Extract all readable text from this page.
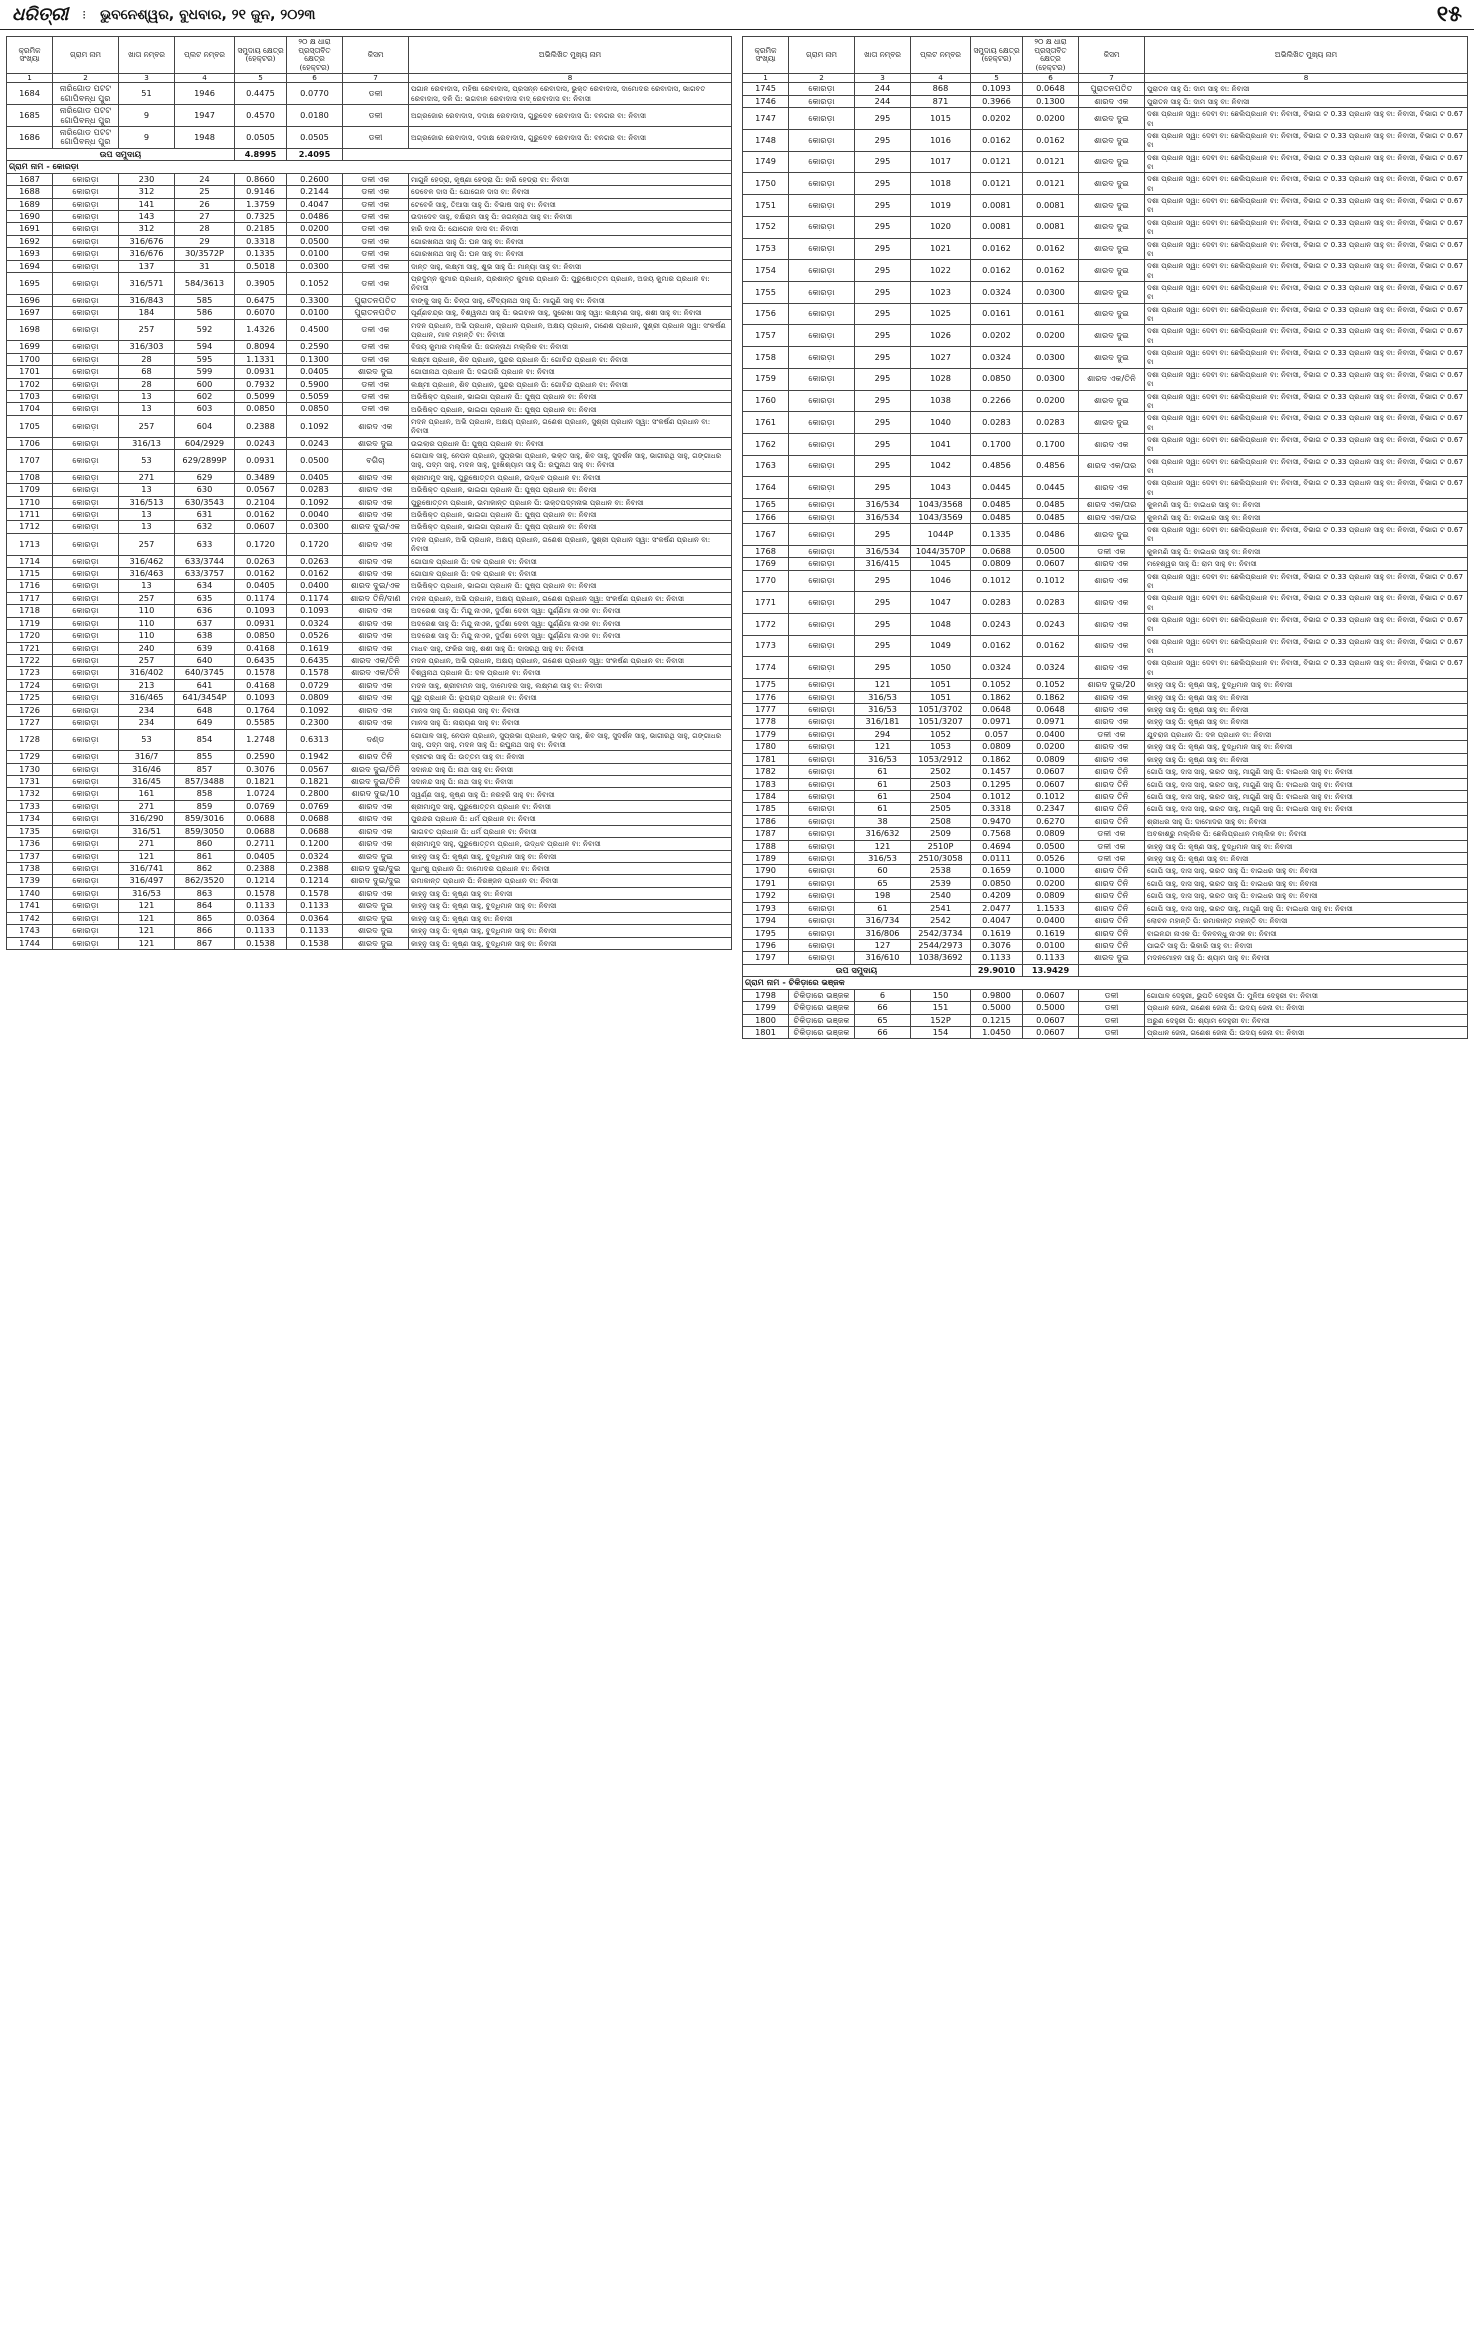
ଧରିତ୍ରୀ ⁝ ଭୁବନେଶ୍ୱର, ବୁଧବାର, ୨୧ ଜୁନ, ୨୦୨୩	୧୫
କ୍ରମିକ ସଂଖ୍ୟା	ଗ୍ରାମ ନାମ	ଖାତା ନମ୍ବର	ପ୍ଲଟ ନମ୍ବର	ସମୁଦାୟ କ୍ଷେତ୍ର (ହେକ୍ଟର)	୨୦ କ୍ଷ ଧାରା ପ୍ରସ୍ତାବିତ କ୍ଷେତ୍ର (ହେକ୍ଟର)	କିସମ	ଅଭିଲିଖିତ ମୁଖ୍ୟ ନାମ
1	2	3	4	5	6	7	8
1684	ନାରିଗୋଡ ପଟଟ ଗୋପିବନ୍ଧ ପୁର	51	1946	0.4475	0.0770	ଡଳୀ	ପଗାନ ରେବାଦାସ, ମହିଷା ରେବାଦାସ, ପ୍ରସନ୍ନ ରେବାଦାସ, ଭୁକ୍ତ ରେବାଦାସ, ଦାମୋଦର ରେବାଦାସ, ଭାଗବତ ରେବାଦାସ, ଦଳି ପି: ଭଗବାନ ରେବାଦାସ ବାଦ୍‌ ରେବାଦାସ ବା: ନିବାସୀ
1685	ନାରିଗୋଡ ପଟଟ ଗୋପିବନ୍ଧ ପୁର	9	1947	0.4570	0.0180	ଡଳୀ	ଅଗ୍ରଜୋର ରେବାଦାସ, ଦଦାକ୍ଷ ରେବାଦାସ, ଗୁରୁଦେବ ରେବାଦାସ ପି: ବନଗର ବା: ନିବାସୀ
1686	ନାରିଗୋଡ ପଟଟ ଗୋପିବନ୍ଧ ପୁର	9	1948	0.0505	0.0505	ଡଳୀ	ଅଗ୍ରଜୋର ରେବାଦାସ, ଦଦାକ୍ଷ ରେବାଦାସ, ଗୁରୁଦେବ ରେବାଦାସ ପି: ବନଗର ବା: ନିବାସୀ
ଉପ ସମୁଦାୟ				4.8995	2.4095		
ଗ୍ରାମ ନାମ - କୋରଡ଼ା							
1687	କୋରଡ଼ା	230	24	0.8660	0.2600	ଡଳୀ ଏକ	ମାଗୁନି ହେଡ୍ରା, କୃଷ୍ଣା ହେଡ୍ରା ପି: ହାରି ହେଡ୍ରା ବା: ନିବାସୀ
1688	କୋରଡ଼ା	312	25	0.9146	0.2144	ଡଳୀ ଏକ	ଡେବେଳ ଦାସ ପି: ଯୋଗେନ ଦାସ ବା: ନିବାସୀ
1689	କୋରଡ଼ା	141	26	1.3759	0.4047	ଡଳୀ ଏକ	ଟେବେଳି ସାହୁ, ତିଆସା ସାହୁ ପି: ବିଭାଷ ସାହୁ ବା: ନିବାସୀ
1690	କୋରଡ଼ା	143	27	0.7325	0.0486	ଡଳୀ ଏକ	ଉଦାଦେବ ସାହୁ, ବକ୍ଷିରାମ ସାହୁ ପି: ଜଗନ୍ନାଥ ସାହୁ ବା: ନିବାସୀ
1691	କୋରଡ଼ା	312	28	0.2185	0.0200	ଡଳୀ ଏକ	ହାରି ଦାସ ପି: ଯୋଗେନ ଦାସ ବା: ନିବାସୀ
1692	କୋରଡ଼ା	316/676	29	0.3318	0.0500	ଡଳୀ ଏକ	ଗୋରଖନାଥ ସାହୁ ପି: ଘନ ସାହୁ ବା: ନିବାସୀ
1693	କୋରଡ଼ା	316/676	30/3572P	0.1335	0.0100	ଡଳୀ ଏକ	ଗୋରଖନାଥ ସାହୁ ପି: ଘନ ସାହୁ ବା: ନିବାସୀ
1694	କୋରଡ଼ା	137	31	0.5018	0.0300	ଡଳୀ ଏକ	ଦାନ୍ତ ସାହୁ, ଲକ୍ଷ୍ମୀ ସାହୁ, ଶୁଭ ସାହୁ ପି: ମାନ୍ୟା ସାହୁ ବା: ନିବାସୀ
1695	କୋରଡ଼ା	316/571	584/3613	0.3905	0.1052	ଡଳୀ ଏକ	ପ୍ରଦୁମ୍ନ କୁମାର ପ୍ରଧାନ, ପ୍ରଶାନ୍ତ କୁମାର ପ୍ରଧାନ ପି: ପୁରୁଷୋତ୍ତମ ପ୍ରଧାନ, ଅଜୟ କୁମାର ପ୍ରଧାନ ବା: ନିବାସୀ
1696	କୋରଡ଼ା	316/843	585	0.6475	0.3300	ପୁରାତନପତିତ	ବାଙ୍କୁ ସାହୁ ପି: ଚିନ୍ତା ସାହୁ, ବୈଦ୍ୟନାଥ ସାହୁ ପି: ମାଗୁଣି ସାହୁ ବା: ନିବାସୀ
1697	କୋରଡ଼ା	184	586	0.6070	0.0100	ପୁରାତନପତିତ	ପୂର୍ଣ୍ଣଚନ୍ଦ୍ର ସାହୁ, ବିଶ୍ୱନାଥ ସାହୁ ପି: ଭଗବାନ ସାହୁ, ସୁରେଖା ସାହୁ ସ୍ୱା: ଲକ୍ଷ୍ମଣ ସାହୁ, ଶଶୀ ସାହୁ ବା: ନିବାସୀ
1698	କୋରଡ଼ା	257	592	1.4326	0.4500	ଡଳୀ ଏକ	ମଦନ ପ୍ରଧାନ, ଅଭି ପ୍ରଧାନ, ପ୍ରଧାନ ପ୍ରଧାନ, ଅକ୍ଷୟ ପ୍ରଧାନ, ଗଣେଶ ପ୍ରଧାନ, ସୁଶ୍ରୀ ପ୍ରଧାନ ସ୍ୱା: ସଂକର୍ଷଣ ପ୍ରଧାନ, ମାଳ ମହାନ୍ତି ବା: ନିବାସୀ
1699	କୋରଡ଼ା	316/303	594	0.8094	0.2590	ଡଳୀ ଏକ	ବିଜୟ କୁମାର ମଲ୍ଲିକ ପି: ଜଗନ୍ନାଥ ମଲ୍ଲିକ ବା: ନିବାସୀ
1700	କୋରଡ଼ା	28	595	1.1331	0.1300	ଡଳୀ ଏକ	ଲକ୍ଷ୍ମୀ ପ୍ରଧାନ, ଶିବ ପ୍ରଧାନ, ସୁନ୍ଦର ପ୍ରଧାନ ପି: ଗୋବିନ୍ଦ ପ୍ରଧାନ ବା: ନିବାସୀ
1701	କୋରଡ଼ା	68	599	0.0931	0.0405	ଶାରଦ ଦୁଇ	ଗୋପୀନାଥ ପ୍ରଧାନ ପି: ଦଇତାରି ପ୍ରଧାନ ବା: ନିବାସୀ
1702	କୋରଡ଼ା	28	600	0.7932	0.5900	ଡଳୀ ଏକ	ଲକ୍ଷ୍ମୀ ପ୍ରଧାନ, ଶିବ ପ୍ରଧାନ, ସୁନ୍ଦର ପ୍ରଧାନ ପି: ଗୋବିନ୍ଦ ପ୍ରଧାନ ବା: ନିବାସୀ
1703	କୋରଡ଼ା	13	602	0.5099	0.5059	ଡଳୀ ଏକ	ଅଭିଷିକ୍ତ ପ୍ରଧାନ, ଭାଇଗା ପ୍ରଧାନ ପି: ପୁଷ୍ପ ପ୍ରଧାନ ବା: ନିବାସୀ
1704	କୋରଡ଼ା	13	603	0.0850	0.0850	ଡଳୀ ଏକ	ଅଭିଷିକ୍ତ ପ୍ରଧାନ, ଭାଇଗା ପ୍ରଧାନ ପି: ପୁଷ୍ପ ପ୍ରଧାନ ବା: ନିବାସୀ
1705	କୋରଡ଼ା	257	604	0.2388	0.1092	ଶାରଦ ଏକ	ମଦନ ପ୍ରଧାନ, ଅଭି ପ୍ରଧାନ, ଅକ୍ଷୟ ପ୍ରଧାନ, ଗଣେଶ ପ୍ରଧାନ, ସୁଶ୍ରୀ ପ୍ରଧାନ ସ୍ୱା: ସଂକର୍ଷଣ ପ୍ରଧାନ ବା: ନିବାସୀ
1706	କୋରଡ଼ା	316/13	604/2929	0.0243	0.0243	ଶାରଦ ଦୁଇ	ଉଇଲାର ପ୍ରଧାନ ପି: ପୁଷ୍ପ ପ୍ରଧାନ ବା: ନିବାସୀ
1707	କୋରଡ଼ା	53	629/2899P	0.0931	0.0500	ବଗିଚା	ଗୋପାଳ ସାହୁ, ନେପନ ପ୍ରଧାନ, ସୁପ୍ରଭା ପ୍ରଧାନ, ଭକ୍ତ ସାହୁ, ଶିବ ସାହୁ, ସୁଦର୍ଶନ ସାହୁ, ଭାଗୀରଥି ସାହୁ, ଗଙ୍ଗାଧର ସାହୁ, ପଦ୍ମ ସାହୁ, ମଦନ ସାହୁ, ଦୁଃଖିଶ୍ୟାମ ସାହୁ ପି: ରଘୁନାଥ ସାହୁ ବା: ନିବାସୀ
1708	କୋରଡ଼ା	271	629	0.3489	0.0405	ଶାରଦ ଏକ	ଶ୍ରୀମାମୁଦ ସାହୁ, ପୁରୁଷୋତ୍ତମ ପ୍ରଧାନ, ଉଦ୍ଧବ ପ୍ରଧାନ ବା: ନିବାସୀ
1709	କୋରଡ଼ା	13	630	0.0567	0.0283	ଶାରଦ ଏକ	ଅଭିଷିକ୍ତ ପ୍ରଧାନ, ଭାଇଗା ପ୍ରଧାନ ପି: ପୁଷ୍ପ ପ୍ରଧାନ ବା: ନିବାସୀ
1710	କୋରଡ଼ା	316/513	630/3543	0.2104	0.1092	ଶାରଦ ଏକ	ପୁରୁଷୋତ୍ତମ ପ୍ରଧାନ, ଉମାକାନ୍ତ ପ୍ରଧାନ ପି: ଉକ୍ତପଦ୍ମନାଭ ପ୍ରଧାନ ବା: ନିବାସୀ
1711	କୋରଡ଼ା	13	631	0.0162	0.0040	ଶାରଦ ଏକ	ଅଭିଷିକ୍ତ ପ୍ରଧାନ, ଭାଇଗା ପ୍ରଧାନ ପି: ପୁଷ୍ପ ପ୍ରଧାନ ବା: ନିବାସୀ
1712	କୋରଡ଼ା	13	632	0.0607	0.0300	ଶାରଦ ଦୁଇ/ଏକ	ଅଭିଷିକ୍ତ ପ୍ରଧାନ, ଭାଇଗା ପ୍ରଧାନ ପି: ପୁଷ୍ପ ପ୍ରଧାନ ବା: ନିବାସୀ
1713	କୋରଡ଼ା	257	633	0.1720	0.1720	ଶାରଦ ଏକ	ମଦନ ପ୍ରଧାନ, ଅଭି ପ୍ରଧାନ, ଅକ୍ଷୟ ପ୍ରଧାନ, ଗଣେଶ ପ୍ରଧାନ, ସୁଶ୍ରୀ ପ୍ରଧାନ ସ୍ୱା: ସଂକର୍ଷଣ ପ୍ରଧାନ ବା: ନିବାସୀ
1714	କୋରଡ଼ା	316/462	633/3744	0.0263	0.0263	ଶାରଦ ଏକ	ଗୋପାଳ ପ୍ରଧାନ ପି: ଦଳ ପ୍ରଧାନ ବା: ନିବାସୀ
1715	କୋରଡ଼ା	316/463	633/3757	0.0162	0.0162	ଶାରଦ ଏକ	ଗୋପାଳ ପ୍ରଧାନ ପି: ଦଳ ପ୍ରଧାନ ବା: ନିବାସୀ
1716	କୋରଡ଼ା	13	634	0.0405	0.0400	ଶାରଦ ଦୁଇ/ଏକ	ଅଭିଷିକ୍ତ ପ୍ରଧାନ, ଭାଇଗା ପ୍ରଧାନ ପି: ପୁଷ୍ପ ପ୍ରଧାନ ବା: ନିବାସୀ
1717	କୋରଡ଼ା	257	635	0.1174	0.1174	ଶାରଦ ତିନି/ଦାଣ	ମଦନ ପ୍ରଧାନ, ଅଭି ପ୍ରଧାନ, ଅକ୍ଷୟ ପ୍ରଧାନ, ଗଣେଶ ପ୍ରଧାନ ସ୍ୱା: ସଂକର୍ଷଣ ପ୍ରଧାନ ବା: ନିବାସୀ
1718	କୋରଡ଼ା	110	636	0.1093	0.1093	ଶାରଦ ଏକ	ଅଦରେଶ ସାହୁ ପି: ମିନ୍ଦୁ ନାଏକ, ଦୁର୍ଦ୍ଦଶା ଦେବୀ ସ୍ୱା: ପୁର୍ଣ୍ଣିମା ନାଏକ ବା: ନିବାସୀ
1719	କୋରଡ଼ା	110	637	0.0931	0.0324	ଶାରଦ ଏକ	ଅଦରେଶ ସାହୁ ପି: ମିନ୍ଦୁ ନାଏକ, ଦୁର୍ଦ୍ଦଶା ଦେବୀ ସ୍ୱା: ପୁର୍ଣ୍ଣିମା ନାଏକ ବା: ନିବାସୀ
1720	କୋରଡ଼ା	110	638	0.0850	0.0526	ଶାରଦ ଏକ	ଅଦରେଶ ସାହୁ ପି: ମିନ୍ଦୁ ନାଏକ, ଦୁର୍ଦ୍ଦଶା ଦେବୀ ସ୍ୱା: ପୁର୍ଣ୍ଣିମା ନାଏକ ବା: ନିବାସୀ
1721	କୋରଡ଼ା	240	639	0.4168	0.1619	ଶାରଦ ଏକ	ମାଧବ ସାହୁ, ଫକିର ସାହୁ, ଶଶୀ ସାହୁ ପି: ଦାସରଥି ସାହୁ ବା: ନିବାସୀ
1722	କୋରଡ଼ା	257	640	0.6435	0.6435	ଶାରଦ ଏକ/ତିନି	ମଦନ ପ୍ରଧାନ, ଅଭି ପ୍ରଧାନ, ଅକ୍ଷୟ ପ୍ରଧାନ, ଗଣେଶ ପ୍ରଧାନ ସ୍ୱା: ସଂକର୍ଷଣ ପ୍ରଧାନ ବା: ନିବାସୀ
1723	କୋରଡ଼ା	316/402	640/3745	0.1578	0.1578	ଶାରଦ ଏକ/ତିନି	ବିଶ୍ୱନାଥ ପ୍ରଧାନ ପି: ଦଳ ପ୍ରଧାନ ବା: ନିବାସୀ
1724	କୋରଡ଼ା	213	641	0.4168	0.0729	ଶାରଦ ଏକ	ମଦନ ସାହୁ, ଶ୍ରୀବାମନ ସାହୁ, ଦାମୋଦର ସାହୁ, ଲକ୍ଷ୍ମଣ ସାହୁ ବା: ନିବାସୀ
1725	କୋରଡ଼ା	316/465	641/3454P	0.1093	0.0809	ଶାରଦ ଏକ	ଗୁରୁ ପ୍ରଧାନ ପି: ରୂପଚାନ୍ଦ ପ୍ରଧାନ ବା: ନିବାସୀ
1726	କୋରଡ଼ା	234	648	0.1764	0.1092	ଶାରଦ ଏକ	ମାନସ ସାହୁ ପି: ନାରାୟଣ ସାହୁ ବା: ନିବାସୀ
1727	କୋରଡ଼ା	234	649	0.5585	0.2300	ଶାରଦ ଏକ	ମାନସ ସାହୁ ପି: ନାରାୟଣ ସାହୁ ବା: ନିବାସୀ
1728	କୋରଡ଼ା	53	854	1.2748	0.6313	ଦଣ୍ଡ	ଗୋପାଳ ସାହୁ, ନେପନ ପ୍ରଧାନ, ସୁପ୍ରଭା ପ୍ରଧାନ, ଭକ୍ତ ସାହୁ, ଶିବ ସାହୁ, ସୁଦର୍ଶନ ସାହୁ, ଭାଗୀରଥି ସାହୁ, ଗଙ୍ଗାଧର ସାହୁ, ପଦ୍ମ ସାହୁ, ମଦନ ସାହୁ ପି: ରଘୁନାଥ ସାହୁ ବା: ନିବାସୀ
1729	କୋରଡ଼ା	316/7	855	0.2590	0.1942	ଶାରଦ ତିନି	ବ୍ରୀଟର ସାହୁ ପି: ଉତ୍ତମ ସାହୁ ବା: ନିବାସୀ
1730	କୋରଡ଼ା	316/46	857	0.3076	0.0567	ଶାରଦ ଦୁଇ/ତିନି	ସଦାନନ୍ଦ ସାହୁ ପି: ନାଥ ସାହୁ ବା: ନିବାସୀ
1731	କୋରଡ଼ା	316/45	857/3488	0.1821	0.1821	ଶାରଦ ଦୁଇ/ତିନି	ସଦାନନ୍ଦ ସାହୁ ପି: ନାଥ ସାହୁ ବା: ନିବାସୀ
1732	କୋରଡ଼ା	161	858	1.0724	0.2800	ଶାରଦ ଦୁଇ/10	ସ୍ୱର୍ଣ୍ଣ ସାହୁ, କୃଷ୍ଣ ସାହୁ ପି: ନରହରି ସାହୁ ବା: ନିବାସୀ
1733	କୋରଡ଼ା	271	859	0.0769	0.0769	ଶାରଦ ଏକ	ଶ୍ରୀମାମୁଦ ସାହୁ, ପୁରୁଷୋତ୍ତମ ପ୍ରଧାନ ବା: ନିବାସୀ
1734	କୋରଡ଼ା	316/290	859/3016	0.0688	0.0688	ଶାରଦ ଏକ	ପୁରନ୍ଦର ପ୍ରଧାନ ପି: ଧର୍ମ ପ୍ରଧାନ ବା: ନିବାସୀ
1735	କୋରଡ଼ା	316/51	859/3050	0.0688	0.0688	ଶାରଦ ଏକ	ଭାଗବତ ପ୍ରଧାନ ପି: ଧର୍ମ ପ୍ରଧାନ ବା: ନିବାସୀ
1736	କୋରଡ଼ା	271	860	0.2711	0.1200	ଶାରଦ ଏକ	ଶ୍ରୀମାମୁଦ ସାହୁ, ପୁରୁଷୋତ୍ତମ ପ୍ରଧାନ, ଉଦ୍ଧବ ପ୍ରଧାନ ବା: ନିବାସୀ
1737	କୋରଡ଼ା	121	861	0.0405	0.0324	ଶାରଦ ଦୁଇ	କାହ୍ନୁ ସାହୁ ପି: କୃଷ୍ଣ ସାହୁ, ବୁଦ୍ଧିମାନ ସାହୁ ବା: ନିବାସୀ
1738	କୋରଡ଼ା	316/741	862	0.2388	0.2388	ଶାରଦ ଦୁଇ/ଦୁଇ	ସୁଧାଂଶୁ ପ୍ରଧାନ ପି: ଦାମୋଦର ପ୍ରଧାନ ବା: ନିବାସୀ
1739	କୋରଡ଼ା	316/497	862/3520	0.1214	0.1214	ଶାରଦ ଦୁଇ/ଦୁଇ	ରମାକାନ୍ତ ପ୍ରଧାନ ପି: ନିରଞ୍ଜନ ପ୍ରଧାନ ବା: ନିବାସୀ
1740	କୋରଡ଼ା	316/53	863	0.1578	0.1578	ଶାରଦ ଏକ	କାହ୍ନୁ ସାହୁ ପି: କୃଷ୍ଣ ସାହୁ ବା: ନିବାସୀ
1741	କୋରଡ଼ା	121	864	0.1133	0.1133	ଶାରଦ ଦୁଇ	କାହ୍ନୁ ସାହୁ ପି: କୃଷ୍ଣ ସାହୁ, ବୁଦ୍ଧିମାନ ସାହୁ ବା: ନିବାସୀ
1742	କୋରଡ଼ା	121	865	0.0364	0.0364	ଶାରଦ ଦୁଇ	କାହ୍ନୁ ସାହୁ ପି: କୃଷ୍ଣ ସାହୁ ବା: ନିବାସୀ
1743	କୋରଡ଼ା	121	866	0.1133	0.1133	ଶାରଦ ଦୁଇ	କାହ୍ନୁ ସାହୁ ପି: କୃଷ୍ଣ ସାହୁ, ବୁଦ୍ଧିମାନ ସାହୁ ବା: ନିବାସୀ
1744	କୋରଡ଼ା	121	867	0.1538	0.1538	ଶାରଦ ଦୁଇ	କାହ୍ନୁ ସାହୁ ପି: କୃଷ୍ଣ ସାହୁ, ବୁଦ୍ଧିମାନ ସାହୁ ବା: ନିବାସୀ
କ୍ରମିକ ସଂଖ୍ୟା	ଗ୍ରାମ ନାମ	ଖାତା ନମ୍ବର	ପ୍ଲଟ ନମ୍ବର	ସମୁଦାୟ କ୍ଷେତ୍ର (ହେକ୍ଟର)	୨୦ କ୍ଷ ଧାରା ପ୍ରସ୍ତାବିତ କ୍ଷେତ୍ର (ହେକ୍ଟର)	କିସମ	ଅଭିଲିଖିତ ମୁଖ୍ୟ ନାମ
1	2	3	4	5	6	7	8
1745	କୋରଡ଼ା	244	868	0.1093	0.0648	ପୁରାତନପତିତ	ପୁରାତନ ସାହୁ ପି: ଦାମ ସାହୁ ବା: ନିବାସୀ
1746	କୋରଡ଼ା	244	871	0.3966	0.1300	ଶାରଦ ଏକ	ପୁରାତନ ସାହୁ ପି: ଦାମ ସାହୁ ବା: ନିବାସୀ
1747	କୋରଡ଼ା	295	1015	0.0202	0.0200	ଶାରଦ ଦୁଇ	ଦଶା ପ୍ରଧାନ ସ୍ୱା: ଦେବୀ ବା: ଛେଲିପ୍ରଧାନ ବା: ନିବାସୀ, ବିଭାଗ ଟ 0.33 ପ୍ରଧାନ ସାହୁ ବା: ନିବାସୀ, ବିଭାଗ ଟ 0.67 ବା
1748	କୋରଡ଼ା	295	1016	0.0162	0.0162	ଶାରଦ ଦୁଇ	ଦଶା ପ୍ରଧାନ ସ୍ୱା: ଦେବୀ ବା: ଛେଲିପ୍ରଧାନ ବା: ନିବାସୀ, ବିଭାଗ ଟ 0.33 ପ୍ରଧାନ ସାହୁ ବା: ନିବାସୀ, ବିଭାଗ ଟ 0.67 ବା
1749	କୋରଡ଼ା	295	1017	0.0121	0.0121	ଶାରଦ ଦୁଇ	ଦଶା ପ୍ରଧାନ ସ୍ୱା: ଦେବୀ ବା: ଛେଲିପ୍ରଧାନ ବା: ନିବାସୀ, ବିଭାଗ ଟ 0.33 ପ୍ରଧାନ ସାହୁ ବା: ନିବାସୀ, ବିଭାଗ ଟ 0.67 ବା
1750	କୋରଡ଼ା	295	1018	0.0121	0.0121	ଶାରଦ ଦୁଇ	ଦଶା ପ୍ରଧାନ ସ୍ୱା: ଦେବୀ ବା: ଛେଲିପ୍ରଧାନ ବା: ନିବାସୀ, ବିଭାଗ ଟ 0.33 ପ୍ରଧାନ ସାହୁ ବା: ନିବାସୀ, ବିଭାଗ ଟ 0.67 ବା
1751	କୋରଡ଼ା	295	1019	0.0081	0.0081	ଶାରଦ ଦୁଇ	ଦଶା ପ୍ରଧାନ ସ୍ୱା: ଦେବୀ ବା: ଛେଲିପ୍ରଧାନ ବା: ନିବାସୀ, ବିଭାଗ ଟ 0.33 ପ୍ରଧାନ ସାହୁ ବା: ନିବାସୀ, ବିଭାଗ ଟ 0.67 ବା
1752	କୋରଡ଼ା	295	1020	0.0081	0.0081	ଶାରଦ ଦୁଇ	ଦଶା ପ୍ରଧାନ ସ୍ୱା: ଦେବୀ ବା: ଛେଲିପ୍ରଧାନ ବା: ନିବାସୀ, ବିଭାଗ ଟ 0.33 ପ୍ରଧାନ ସାହୁ ବା: ନିବାସୀ, ବିଭାଗ ଟ 0.67 ବା
1753	କୋରଡ଼ା	295	1021	0.0162	0.0162	ଶାରଦ ଦୁଇ	ଦଶା ପ୍ରଧାନ ସ୍ୱା: ଦେବୀ ବା: ଛେଲିପ୍ରଧାନ ବା: ନିବାସୀ, ବିଭାଗ ଟ 0.33 ପ୍ରଧାନ ସାହୁ ବା: ନିବାସୀ, ବିଭାଗ ଟ 0.67 ବା
1754	କୋରଡ଼ା	295	1022	0.0162	0.0162	ଶାରଦ ଦୁଇ	ଦଶା ପ୍ରଧାନ ସ୍ୱା: ଦେବୀ ବା: ଛେଲିପ୍ରଧାନ ବା: ନିବାସୀ, ବିଭାଗ ଟ 0.33 ପ୍ରଧାନ ସାହୁ ବା: ନିବାସୀ, ବିଭାଗ ଟ 0.67 ବା
1755	କୋରଡ଼ା	295	1023	0.0324	0.0300	ଶାରଦ ଦୁଇ	ଦଶା ପ୍ରଧାନ ସ୍ୱା: ଦେବୀ ବା: ଛେଲିପ୍ରଧାନ ବା: ନିବାସୀ, ବିଭାଗ ଟ 0.33 ପ୍ରଧାନ ସାହୁ ବା: ନିବାସୀ, ବିଭାଗ ଟ 0.67 ବା
1756	କୋରଡ଼ା	295	1025	0.0161	0.0161	ଶାରଦ ଦୁଇ	ଦଶା ପ୍ରଧାନ ସ୍ୱା: ଦେବୀ ବା: ଛେଲିପ୍ରଧାନ ବା: ନିବାସୀ, ବିଭାଗ ଟ 0.33 ପ୍ରଧାନ ସାହୁ ବା: ନିବାସୀ, ବିଭାଗ ଟ 0.67 ବା
1757	କୋରଡ଼ା	295	1026	0.0202	0.0200	ଶାରଦ ଦୁଇ	ଦଶା ପ୍ରଧାନ ସ୍ୱା: ଦେବୀ ବା: ଛେଲିପ୍ରଧାନ ବା: ନିବାସୀ, ବିଭାଗ ଟ 0.33 ପ୍ରଧାନ ସାହୁ ବା: ନିବାସୀ, ବିଭାଗ ଟ 0.67 ବା
1758	କୋରଡ଼ା	295	1027	0.0324	0.0300	ଶାରଦ ଦୁଇ	ଦଶା ପ୍ରଧାନ ସ୍ୱା: ଦେବୀ ବା: ଛେଲିପ୍ରଧାନ ବା: ନିବାସୀ, ବିଭାଗ ଟ 0.33 ପ୍ରଧାନ ସାହୁ ବା: ନିବାସୀ, ବିଭାଗ ଟ 0.67 ବା
1759	କୋରଡ଼ା	295	1028	0.0850	0.0300	ଶାରଦ ଏକ/ତିନି	ଦଶା ପ୍ରଧାନ ସ୍ୱା: ଦେବୀ ବା: ଛେଲିପ୍ରଧାନ ବା: ନିବାସୀ, ବିଭାଗ ଟ 0.33 ପ୍ରଧାନ ସାହୁ ବା: ନିବାସୀ, ବିଭାଗ ଟ 0.67 ବା
1760	କୋରଡ଼ା	295	1038	0.2266	0.0200	ଶାରଦ ଦୁଇ	ଦଶା ପ୍ରଧାନ ସ୍ୱା: ଦେବୀ ବା: ଛେଲିପ୍ରଧାନ ବା: ନିବାସୀ, ବିଭାଗ ଟ 0.33 ପ୍ରଧାନ ସାହୁ ବା: ନିବାସୀ, ବିଭାଗ ଟ 0.67 ବା
1761	କୋରଡ଼ା	295	1040	0.0283	0.0283	ଶାରଦ ଦୁଇ	ଦଶା ପ୍ରଧାନ ସ୍ୱା: ଦେବୀ ବା: ଛେଲିପ୍ରଧାନ ବା: ନିବାସୀ, ବିଭାଗ ଟ 0.33 ପ୍ରଧାନ ସାହୁ ବା: ନିବାସୀ, ବିଭାଗ ଟ 0.67 ବା
1762	କୋରଡ଼ା	295	1041	0.1700	0.1700	ଶାରଦ ଏକ	ଦଶା ପ୍ରଧାନ ସ୍ୱା: ଦେବୀ ବା: ଛେଲିପ୍ରଧାନ ବା: ନିବାସୀ, ବିଭାଗ ଟ 0.33 ପ୍ରଧାନ ସାହୁ ବା: ନିବାସୀ, ବିଭାଗ ଟ 0.67 ବା
1763	କୋରଡ଼ା	295	1042	0.4856	0.4856	ଶାରଦ ଏକ/ତାର	ଦଶା ପ୍ରଧାନ ସ୍ୱା: ଦେବୀ ବା: ଛେଲିପ୍ରଧାନ ବା: ନିବାସୀ, ବିଭାଗ ଟ 0.33 ପ୍ରଧାନ ସାହୁ ବା: ନିବାସୀ, ବିଭାଗ ଟ 0.67 ବା
1764	କୋରଡ଼ା	295	1043	0.0445	0.0445	ଶାରଦ ଏକ	ଦଶା ପ୍ରଧାନ ସ୍ୱା: ଦେବୀ ବା: ଛେଲିପ୍ରଧାନ ବା: ନିବାସୀ, ବିଭାଗ ଟ 0.33 ପ୍ରଧାନ ସାହୁ ବା: ନିବାସୀ, ବିଭାଗ ଟ 0.67 ବା
1765	କୋରଡ଼ା	316/534	1043/3568	0.0485	0.0485	ଶାରଦ ଏକ/ତାର	କୁଳମଣି ସାହୁ ପି: ବାଇଧର ସାହୁ ବା: ନିବାସୀ
1766	କୋରଡ଼ା	316/534	1043/3569	0.0485	0.0485	ଶାରଦ ଏକ/ତାର	କୁଳମଣି ସାହୁ ପି: ବାଇଧର ସାହୁ ବା: ନିବାସୀ
1767	କୋରଡ଼ା	295	1044P	0.1335	0.0486	ଶାରଦ ଦୁଇ	ଦଶା ପ୍ରଧାନ ସ୍ୱା: ଦେବୀ ବା: ଛେଲିପ୍ରଧାନ ବା: ନିବାସୀ, ବିଭାଗ ଟ 0.33 ପ୍ରଧାନ ସାହୁ ବା: ନିବାସୀ, ବିଭାଗ ଟ 0.67 ବା
1768	କୋରଡ଼ା	316/534	1044/3570P	0.0688	0.0500	ଡଳୀ ଏକ	କୁଳମଣି ସାହୁ ପି: ବାଇଧର ସାହୁ ବା: ନିବାସୀ
1769	କୋରଡ଼ା	316/415	1045	0.0809	0.0607	ଶାରଦ ଏକ	ମହେଶ୍ୱର ସାହୁ ପି: ରାମ ସାହୁ ବା: ନିବାସୀ
1770	କୋରଡ଼ା	295	1046	0.1012	0.1012	ଶାରଦ ଏକ	ଦଶା ପ୍ରଧାନ ସ୍ୱା: ଦେବୀ ବା: ଛେଲିପ୍ରଧାନ ବା: ନିବାସୀ, ବିଭାଗ ଟ 0.33 ପ୍ରଧାନ ସାହୁ ବା: ନିବାସୀ, ବିଭାଗ ଟ 0.67 ବା
1771	କୋରଡ଼ା	295	1047	0.0283	0.0283	ଶାରଦ ଏକ	ଦଶା ପ୍ରଧାନ ସ୍ୱା: ଦେବୀ ବା: ଛେଲିପ୍ରଧାନ ବା: ନିବାସୀ, ବିଭାଗ ଟ 0.33 ପ୍ରଧାନ ସାହୁ ବା: ନିବାସୀ, ବିଭାଗ ଟ 0.67 ବା
1772	କୋରଡ଼ା	295	1048	0.0243	0.0243	ଶାରଦ ଏକ	ଦଶା ପ୍ରଧାନ ସ୍ୱା: ଦେବୀ ବା: ଛେଲିପ୍ରଧାନ ବା: ନିବାସୀ, ବିଭାଗ ଟ 0.33 ପ୍ରଧାନ ସାହୁ ବା: ନିବାସୀ, ବିଭାଗ ଟ 0.67 ବା
1773	କୋରଡ଼ା	295	1049	0.0162	0.0162	ଶାରଦ ଏକ	ଦଶା ପ୍ରଧାନ ସ୍ୱା: ଦେବୀ ବା: ଛେଲିପ୍ରଧାନ ବା: ନିବାସୀ, ବିଭାଗ ଟ 0.33 ପ୍ରଧାନ ସାହୁ ବା: ନିବାସୀ, ବିଭାଗ ଟ 0.67 ବା
1774	କୋରଡ଼ା	295	1050	0.0324	0.0324	ଶାରଦ ଏକ	ଦଶା ପ୍ରଧାନ ସ୍ୱା: ଦେବୀ ବା: ଛେଲିପ୍ରଧାନ ବା: ନିବାସୀ, ବିଭାଗ ଟ 0.33 ପ୍ରଧାନ ସାହୁ ବା: ନିବାସୀ, ବିଭାଗ ଟ 0.67 ବା
1775	କୋରଡ଼ା	121	1051	0.1052	0.1052	ଶାରଦ ଦୁଇ/20	କାହ୍ନୁ ସାହୁ ପି: କୃଷ୍ଣ ସାହୁ, ବୁଦ୍ଧିମାନ ସାହୁ ବା: ନିବାସୀ
1776	କୋରଡ଼ା	316/53	1051	0.1862	0.1862	ଶାରଦ ଏକ	କାହ୍ନୁ ସାହୁ ପି: କୃଷ୍ଣ ସାହୁ ବା: ନିବାସୀ
1777	କୋରଡ଼ା	316/53	1051/3702	0.0648	0.0648	ଶାରଦ ଏକ	କାହ୍ନୁ ସାହୁ ପି: କୃଷ୍ଣ ସାହୁ ବା: ନିବାସୀ
1778	କୋରଡ଼ା	316/181	1051/3207	0.0971	0.0971	ଶାରଦ ଏକ	କାହ୍ନୁ ସାହୁ ପି: କୃଷ୍ଣ ସାହୁ ବା: ନିବାସୀ
1779	କୋରଡ଼ା	294	1052	0.057	0.0400	ଡଳୀ ଏକ	ଯୁବରାଜ ପ୍ରଧାନ ପି: ଦଳ ପ୍ରଧାନ ବା: ନିବାସୀ
1780	କୋରଡ଼ା	121	1053	0.0809	0.0200	ଶାରଦ ଏକ	କାହ୍ନୁ ସାହୁ ପି: କୃଷ୍ଣ ସାହୁ, ବୁଦ୍ଧିମାନ ସାହୁ ବା: ନିବାସୀ
1781	କୋରଡ଼ା	316/53	1053/2912	0.1862	0.0809	ଶାରଦ ଏକ	କାହ୍ନୁ ସାହୁ ପି: କୃଷ୍ଣ ସାହୁ ବା: ନିବାସୀ
1782	କୋରଡ଼ା	61	2502	0.1457	0.0607	ଶାରଦ ତିନି	ଗୋପି ସାହୁ, ଦାସ ସାହୁ, ଭରତ ସାହୁ, ମାଗୁଣି ସାହୁ ପି: ବାଇଧର ସାହୁ ବା: ନିବାସୀ
1783	କୋରଡ଼ା	61	2503	0.1295	0.0607	ଶାରଦ ତିନି	ଗୋପି ସାହୁ, ଦାସ ସାହୁ, ଭରତ ସାହୁ, ମାଗୁଣି ସାହୁ ପି: ବାଇଧର ସାହୁ ବା: ନିବାସୀ
1784	କୋରଡ଼ା	61	2504	0.1012	0.1012	ଶାରଦ ତିନି	ଗୋପି ସାହୁ, ଦାସ ସାହୁ, ଭରତ ସାହୁ, ମାଗୁଣି ସାହୁ ପି: ବାଇଧର ସାହୁ ବା: ନିବାସୀ
1785	କୋରଡ଼ା	61	2505	0.3318	0.2347	ଶାରଦ ତିନି	ଗୋପି ସାହୁ, ଦାସ ସାହୁ, ଭରତ ସାହୁ, ମାଗୁଣି ସାହୁ ପି: ବାଇଧର ସାହୁ ବା: ନିବାସୀ
1786	କୋରଡ଼ା	38	2508	0.9470	0.6270	ଶାରଦ ତିନି	ଶ୍ରୀଧର ସାହୁ ପି: ଦାମୋଦର ସାହୁ ବା: ନିବାସୀ
1787	କୋରଡ଼ା	316/632	2509	0.7568	0.0809	ଡଳୀ ଏକ	ଅବକାଶ୍ରୁ ମଲ୍ଲିକ ପି: ଛେଲିପ୍ରଧାନ ମଲ୍ଲିକ ବା: ନିବାସୀ
1788	କୋରଡ଼ା	121	2510P	0.4694	0.0500	ଡଳୀ ଏକ	କାହ୍ନୁ ସାହୁ ପି: କୃଷ୍ଣ ସାହୁ, ବୁଦ୍ଧିମାନ ସାହୁ ବା: ନିବାସୀ
1789	କୋରଡ଼ା	316/53	2510/3058	0.0111	0.0526	ଡଳୀ ଏକ	କାହ୍ନୁ ସାହୁ ପି: କୃଷ୍ଣ ସାହୁ ବା: ନିବାସୀ
1790	କୋରଡ଼ା	60	2538	0.1659	0.1000	ଶାରଦ ତିନି	ଗୋପି ସାହୁ, ଦାସ ସାହୁ, ଭରତ ସାହୁ ପି: ବାଇଧର ସାହୁ ବା: ନିବାସୀ
1791	କୋରଡ଼ା	65	2539	0.0850	0.0200	ଶାରଦ ତିନି	ଗୋପି ସାହୁ, ଦାସ ସାହୁ, ଭରତ ସାହୁ ପି: ବାଇଧର ସାହୁ ବା: ନିବାସୀ
1792	କୋରଡ଼ା	198	2540	0.4209	0.0809	ଶାରଦ ତିନି	ଗୋପି ସାହୁ, ଦାସ ସାହୁ, ଭରତ ସାହୁ ପି: ବାଇଧର ସାହୁ ବା: ନିବାସୀ
1793	କୋରଡ଼ା	61	2541	2.0477	1.1533	ଶାରଦ ତିନି	ଗୋପି ସାହୁ, ଦାସ ସାହୁ, ଭରତ ସାହୁ, ମାଗୁଣି ସାହୁ ପି: ବାଇଧର ସାହୁ ବା: ନିବାସୀ
1794	କୋରଡ଼ା	316/734	2542	0.4047	0.0400	ଶାରଦ ତିନି	ଲୋଚନ ମହାନ୍ତି ପି: ରମାକାନ୍ତ ମହାନ୍ତି ବା: ନିବାସୀ
1795	କୋରଡ଼ା	316/806	2542/3734	0.1619	0.1619	ଶାରଦ ତିନି	ବାଇନନ୍ଦା ନାଏକ ପି: ଦିନବନ୍ଧୁ ନାଏକ ବା: ନିବାସୀ
1796	କୋରଡ଼ା	127	2544/2973	0.3076	0.0100	ଶାରଦ ତିନି	ପାଇଟି ସାହୁ ପି: ଭିକାରି ସାହୁ ବା: ନିବାସୀ
1797	କୋରଡ଼ା	316/610	1038/3692	0.1133	0.1133	ଶାରଦ ଦୁଇ	ମଦନମୋହନ ସାହୁ ପି: ଶ୍ୟାମ ସାହୁ ବା: ନିବାସୀ
ଉପ ସମୁଦାୟ				29.9010	13.9429		
ଗ୍ରାମ ନାମ - ଚିକିଡ଼ାରେ ଭଞ୍ଜକ							
1798	ଚିକିଡ଼ାରେ ଭଞ୍ଜକ	6	150	0.9800	0.0607	ଡଳୀ	ଗୋପାଳ ଦେହୁରୀ, ଭୁପତି ଦେହୁରୀ ପି: ମୁଳିଆ ଦେହୁରୀ ବା: ନିବାସୀ
1799	ଚିକିଡ଼ାରେ ଭଞ୍ଜକ	66	151	0.5000	0.5000	ଡଳୀ	ପ୍ରଧାନ ଜେନା, ଗଣେଶ ଜେନା ପି: ଉଦୟ ଜେନା ବା: ନିବାସୀ
1800	ଚିକିଡ଼ାରେ ଭଞ୍ଜକ	65	152P	0.1215	0.0607	ଡଳୀ	ଅରୁଣ ଦେହୁରୀ ପି: ଶ୍ୟାମ ଦେହୁରୀ ବା: ନିବାସୀ
1801	ଚିକିଡ଼ାରେ ଭଞ୍ଜକ	66	154	1.0450	0.0607	ଡଳୀ	ପ୍ରଧାନ ଜେନା, ଗଣେଶ ଜେନା ପି: ଉଦୟ ଜେନା ବା: ନିବାସୀ
